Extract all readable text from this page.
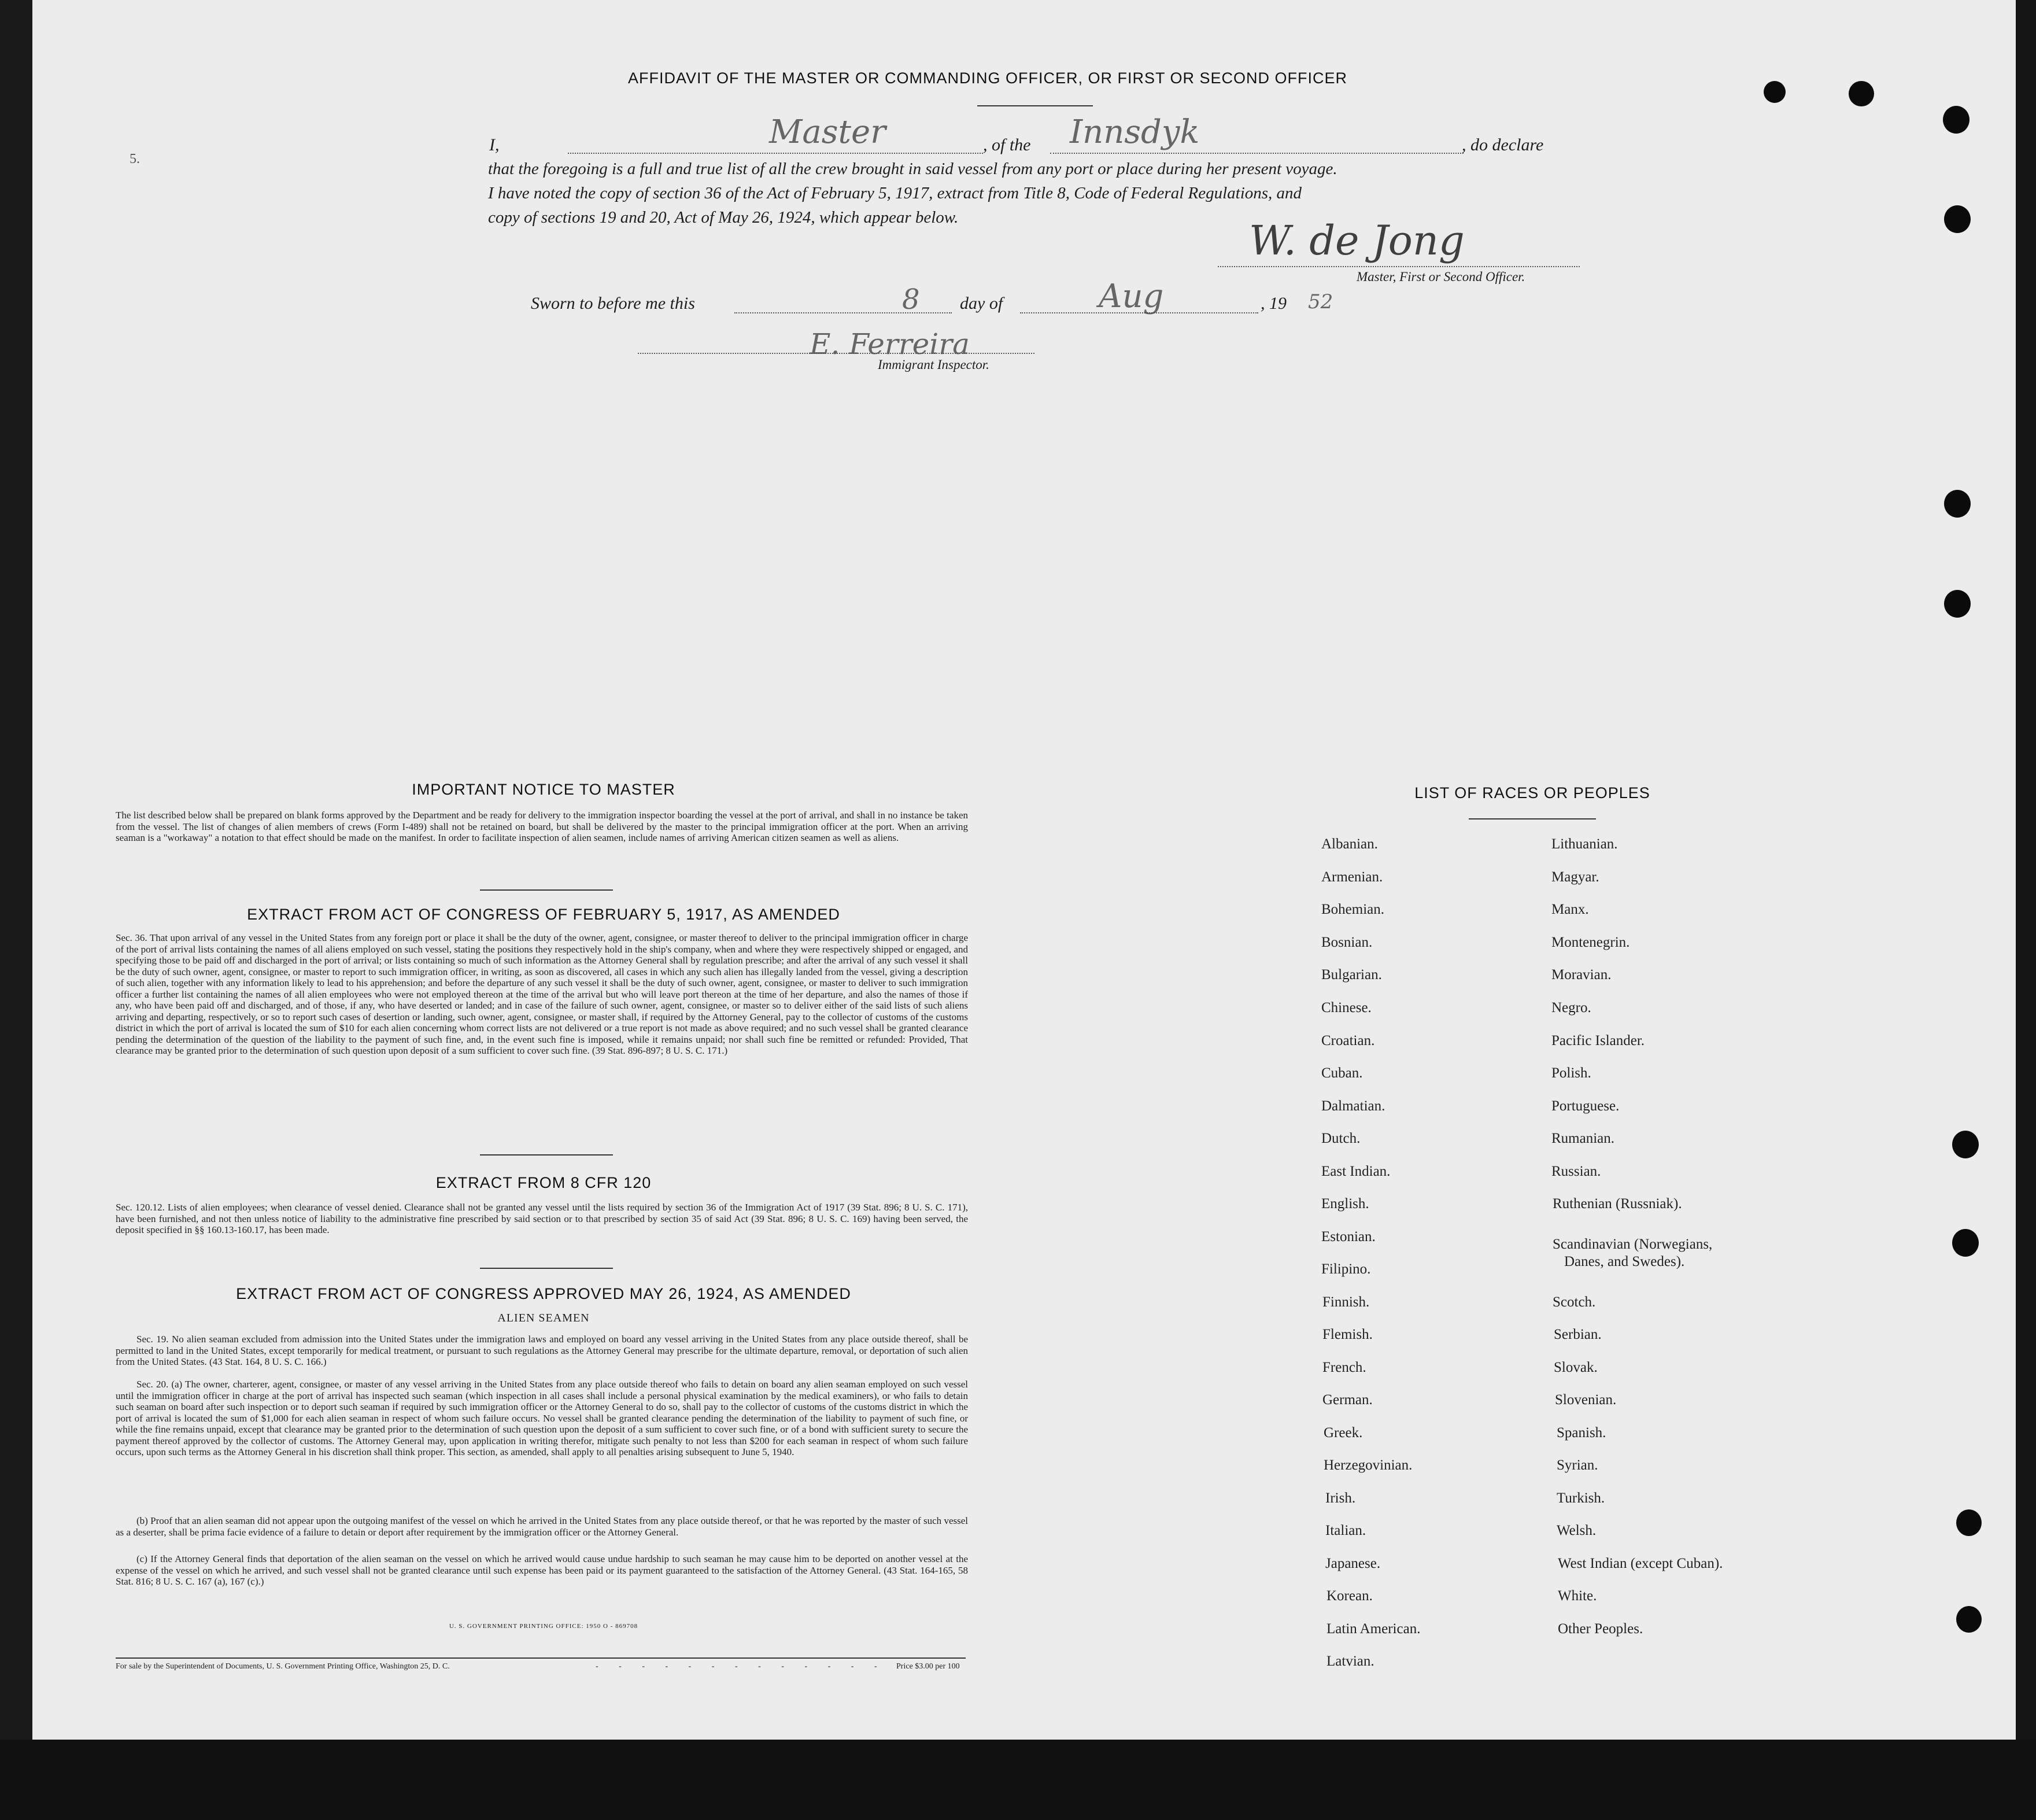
AFFIDAVIT OF THE MASTER OR COMMANDING OFFICER, OR FIRST OR SECOND OFFICER
5.
I,	Master	, of the Innsdyk	, do declare
that the foregoing is a full and true list of all the crew brought in said vessel from any port or place during her present voyage.
I have noted the copy of section 36 of the Act of February 5, 1917, extract from Title 8, Code of Federal Regulations, and
copy of sections 19 and 20, Act of May 26, 1924, which appear below.	W. de Jong
Master, First or Second Officer.
Sworn to before me this	8 day of	Aug	, 19 52
E. Ferreira
Immigrant Inspector.
IMPORTANT NOTICE TO MASTER
The list described below shall be prepared on blank forms approved by the Department and be ready for delivery to the immigration inspector boarding the vessel at the port of arrival, and shall in no instance be taken from the vessel. The list of changes of alien members of crews (Form I-489) shall not be retained on board, but shall be delivered by the master to the principal immigration officer at the port. When an arriving seaman is a "workaway" a notation to that effect should be made on the manifest. In order to facilitate inspection of alien seamen, include names of arriving American citizen seamen as well as aliens.
EXTRACT FROM ACT OF CONGRESS OF FEBRUARY 5, 1917, AS AMENDED
Sec. 36. That upon arrival of any vessel in the United States from any foreign port or place it shall be the duty of the owner, agent, consignee, or master thereof to deliver to the principal immigration officer in charge of the port of arrival lists containing the names of all aliens employed on such vessel, stating the positions they respectively hold in the ship's company, when and where they were respectively shipped or engaged, and specifying those to be paid off and discharged in the port of arrival; or lists containing so much of such information as the Attorney General shall by regulation prescribe; and after the arrival of any such vessel it shall be the duty of such owner, agent, consignee, or master to report to such immigration officer, in writing, as soon as discovered, all cases in which any such alien has illegally landed from the vessel, giving a description of such alien, together with any information likely to lead to his apprehension; and before the departure of any such vessel it shall be the duty of such owner, agent, consignee, or master to deliver to such immigration officer a further list containing the names of all alien employees who were not employed thereon at the time of the arrival but who will leave port thereon at the time of her departure, and also the names of those if any, who have been paid off and discharged, and of those, if any, who have deserted or landed; and in case of the failure of such owner, agent, consignee, or master so to deliver either of the said lists of such aliens arriving and departing, respectively, or so to report such cases of desertion or landing, such owner, agent, consignee, or master shall, if required by the Attorney General, pay to the collector of customs of the customs district in which the port of arrival is located the sum of $10 for each alien concerning whom correct lists are not delivered or a true report is not made as above required; and no such vessel shall be granted clearance pending the determination of the question of the liability to the payment of such fine, and, in the event such fine is imposed, while it remains unpaid; nor shall such fine be remitted or refunded: Provided, That clearance may be granted prior to the determination of such question upon deposit of a sum sufficient to cover such fine. (39 Stat. 896-897; 8 U. S. C. 171.)
EXTRACT FROM 8 CFR 120
Sec. 120.12. Lists of alien employees; when clearance of vessel denied. Clearance shall not be granted any vessel until the lists required by section 36 of the Immigration Act of 1917 (39 Stat. 896; 8 U. S. C. 171), have been furnished, and not then unless notice of liability to the administrative fine prescribed by said section or to that prescribed by section 35 of said Act (39 Stat. 896; 8 U. S. C. 169) having been served, the deposit specified in §§ 160.13-160.17, has been made.
EXTRACT FROM ACT OF CONGRESS APPROVED MAY 26, 1924, AS AMENDED
ALIEN SEAMEN
Sec. 19. No alien seaman excluded from admission into the United States under the immigration laws and employed on board any vessel arriving in the United States from any place outside thereof, shall be permitted to land in the United States, except temporarily for medical treatment, or pursuant to such regulations as the Attorney General may prescribe for the ultimate departure, removal, or deportation of such alien from the United States. (43 Stat. 164, 8 U. S. C. 166.)
Sec. 20. (a) The owner, charterer, agent, consignee, or master of any vessel arriving in the United States from any place outside thereof who fails to detain on board any alien seaman employed on such vessel until the immigration officer in charge at the port of arrival has inspected such seaman (which inspection in all cases shall include a personal physical examination by the medical examiners), or who fails to detain such seaman on board after such inspection or to deport such seaman if required by such immigration officer or the Attorney General to do so, shall pay to the collector of customs of the customs district in which the port of arrival is located the sum of $1,000 for each alien seaman in respect of whom such failure occurs. No vessel shall be granted clearance pending the determination of the liability to payment of such fine, or while the fine remains unpaid, except that clearance may be granted prior to the determination of such question upon the deposit of a sum sufficient to cover such fine, or of a bond with sufficient surety to secure the payment thereof approved by the collector of customs. The Attorney General may, upon application in writing therefor, mitigate such penalty to not less than $200 for each seaman in respect of whom such failure occurs, upon such terms as the Attorney General in his discretion shall think proper. This section, as amended, shall apply to all penalties arising subsequent to June 5, 1940.
(b) Proof that an alien seaman did not appear upon the outgoing manifest of the vessel on which he arrived in the United States from any place outside thereof, or that he was reported by the master of such vessel as a deserter, shall be prima facie evidence of a failure to detain or deport after requirement by the immigration officer or the Attorney General.
(c) If the Attorney General finds that deportation of the alien seaman on the vessel on which he arrived would cause undue hardship to such seaman he may cause him to be deported on another vessel at the expense of the vessel on which he arrived, and such vessel shall not be granted clearance until such expense has been paid or its payment guaranteed to the satisfaction of the Attorney General. (43 Stat. 164-165, 58 Stat. 816; 8 U. S. C. 167 (a), 167 (c).)
U. S. GOVERNMENT PRINTING OFFICE: 1950 O - 869708
For sale by the Superintendent of Documents, U. S. Government Printing Office, Washington 25, D. C.	- - - - - - - - - - - - - Price $3.00 per 100
LIST OF RACES OR PEOPLES
Albanian.
Armenian.
Bohemian.
Bosnian.
Bulgarian.
Chinese.
Croatian.
Cuban.
Dalmatian.
Dutch.
East Indian.
English.
Estonian.
Filipino.
Finnish.
Flemish.
French.
German.
Greek.
Herzegovinian.
Irish.
Italian.
Japanese.
Korean.
Latin American.
Latvian.
Lithuanian.
Magyar.
Manx.
Montenegrin.
Moravian.
Negro.
Pacific Islander.
Polish.
Portuguese.
Rumanian.
Russian.
Ruthenian (Russniak).
Scandinavian (Norwegians,
Danes, and Swedes).
Scotch.
Serbian.
Slovak.
Slovenian.
Spanish.
Syrian.
Turkish.
Welsh.
West Indian (except Cuban).
White.
Other Peoples.
